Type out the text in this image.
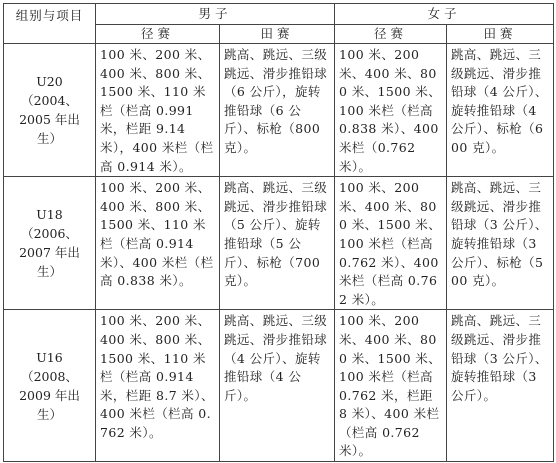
组别与项目	男子		女子	
	径赛	田赛	径赛	田赛
U20
（2004、
2005 年出
生）	100 米、200 米、400 米、800 米、1500 米、110 米栏（栏高 0.991 米，栏距 9.14 米），400 米栏（栏高 0.914 米）。	跳高、跳远、三级跳远、滑步推铅球（6 公斤），旋转推铅球（6 公斤）、标枪（800 克）。	100 米、200 米、400 米、800 米、1500 米、100 米栏（栏高 0.838 米）、400 米栏（0.762 米）。	跳高、跳远、三级跳远、滑步推铅球（4 公斤）、旋转推铅球（4 公斤）、标枪（600 克）。
U18
（2006、
2007 年出
生）	100 米、200 米、400 米、800 米、1500 米、110 米栏（栏高 0.914 米）、400 米栏（栏高 0.838 米）。	跳高、跳远、三级跳远、滑步推铅球（5 公斤）、旋转推铅球（5 公斤）、标枪（700 克）。	100 米、200 米、400 米、800 米、1500 米、100 米栏（栏高 0.762 米）、400 米栏（栏高 0.762 米）。	跳高、跳远、三级跳远、滑步推铅球（3 公斤）、旋转推铅球（3 公斤）、标枪（500 克）。
U16
（2008、
2009 年出
生）	100 米、200 米、400 米、800 米、1500 米、110 米栏（栏高 0.914 米，栏距 8.7 米）、400 米栏（栏高 0.762 米）。	跳高、跳远、三级跳远、滑步推铅球（4 公斤）、旋转推铅球（4 公斤）。	100 米、200 米、400 米、800 米、1500 米、100 米栏（栏高 0.762 米，栏距 8 米）、400 米栏（栏高 0.762 米）。	跳高、跳远、三级跳远、滑步推铅球（3 公斤）、旋转推铅球（3 公斤）。
